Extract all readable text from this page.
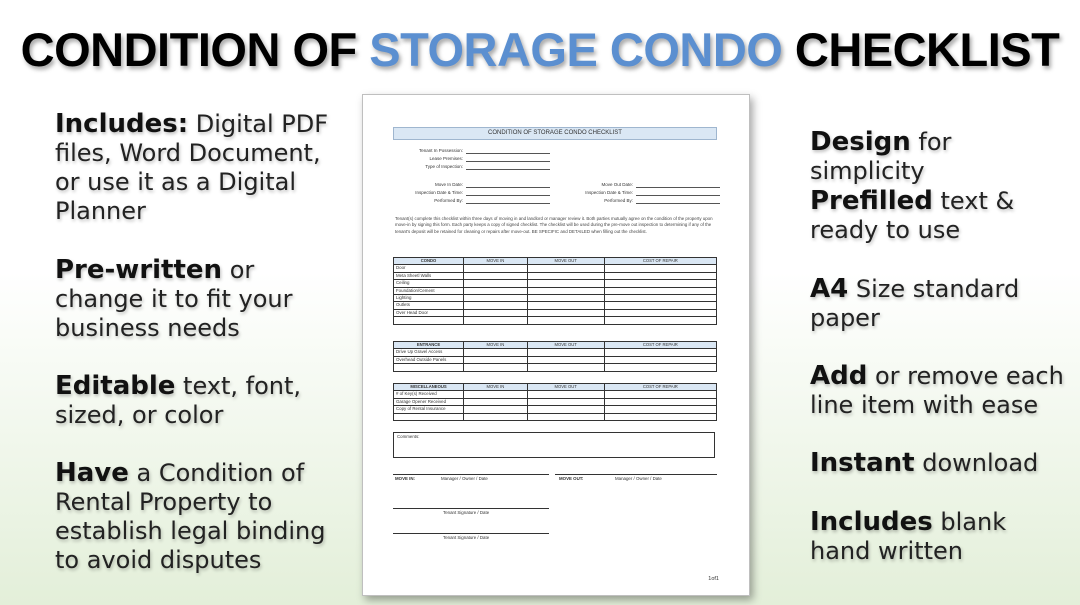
CONDITION OF STORAGE CONDO CHECKLIST
Includes: Digital PDF files, Word Document, or use it as a Digital Planner
Pre-written or change it to fit your business needs
Editable text, font, sized, or color
Have a Condition of Rental Property to establish legal binding to avoid disputes
Design for simplicity
Prefilled text & ready to use
A4 Size standard paper
Add or remove each line item with ease
Instant download
Includes blank hand written
CONDITION OF STORAGE CONDO CHECKLIST
Tenant In Possession:
Lease Premises:
Type of Inspection:
Move In Date:
Inspection Date & Time:
Performed By:
Move Out Date:
Inspection Date & Time:
Performed By:
Tenant(s) complete this checklist within three days of moving in and landlord or manager review it. Both parties mutually agree on the condition of the property upon move-in by signing this form. Each party keeps a copy of signed checklist. The checklist will be used during the pre-move out inspection to determining if any of the tenant's deposit will be retained for cleaning or repairs after move-out. BE SPECIFIC and DETAILED when filling out the checklist.
CONDO	MOVE IN	MOVE OUT	COST OF REPAIR
Door			
Meta Sheetl Walls			
Ceiling			
Foundation/Cement			
Lighting			
Outlets			
Over Head Door			

ENTRANCE	MOVE IN	MOVE OUT	COST OF REPAIR
Drive Up Gravel Access			
Overhead Outside Panels			

MISCELLANEOUS	MOVE IN	MOVE OUT	COST OF REPAIR
# of Key(s) Received			
Garage Opener Received			
Copy of Rental Insurance			

Comments:
MOVE IN:	Manager / Owner / Date	MOVE OUT:	Manager / Owner / Date
Tenant Signature / Date
Tenant Signature / Date
1of1
